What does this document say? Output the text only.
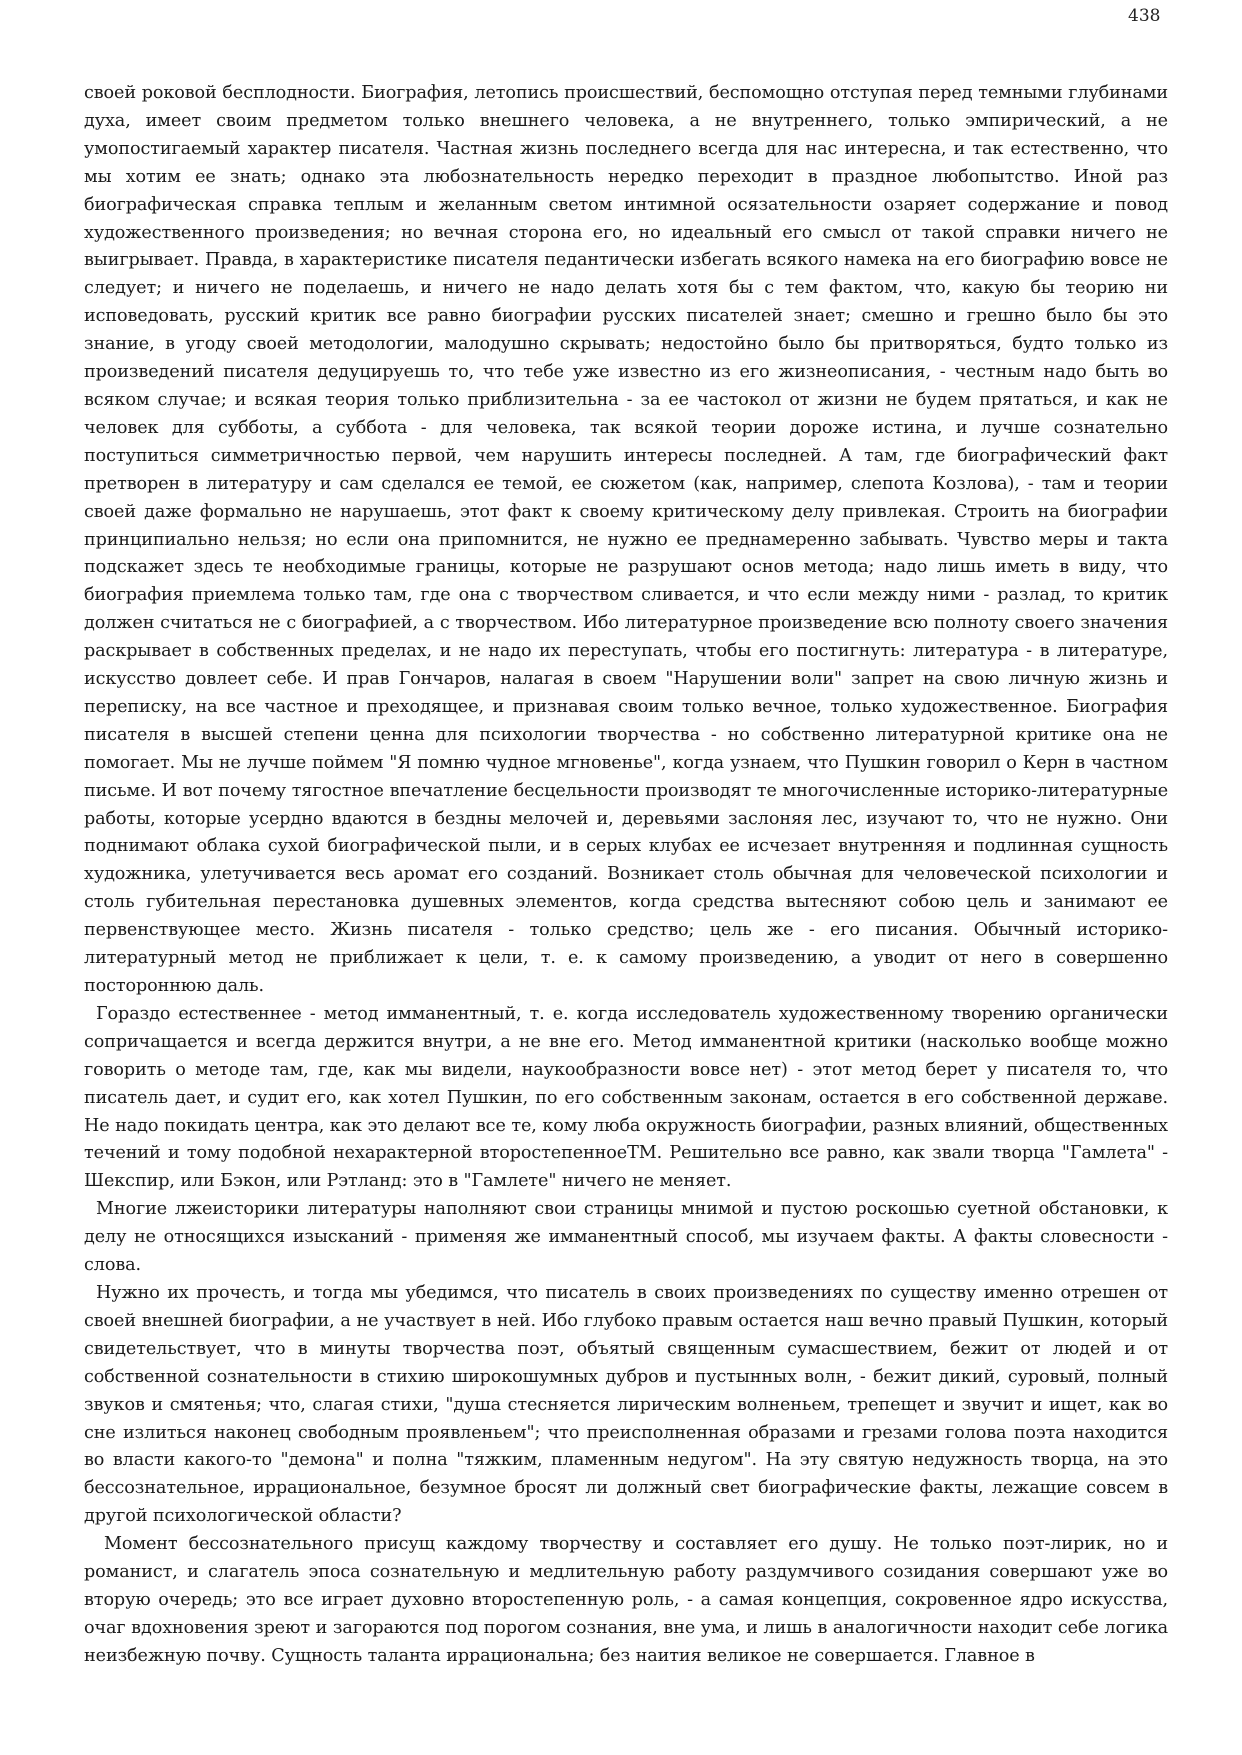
438

своей роковой бесплодности. Биография, летопись происшествий, беспомощно отступая перед темными глубинами духа, имеет своим предметом только внешнего человека, а не внутреннего, только эмпирический, а не умопостигаемый характер писателя. Частная жизнь последнего всегда для нас интересна, и так естественно, что мы хотим ее знать; однако эта любознательность нередко переходит в праздное любопытство. Иной раз биографическая справка теплым и желанным светом интимной осязательности озаряет содержание и повод художественного произведения; но вечная сторона его, но идеальный его смысл от такой справки ничего не выигрывает. Правда, в характеристике писателя педантически избегать всякого намека на его биографию вовсе не следует; и ничего не поделаешь, и ничего не надо делать хотя бы с тем фактом, что, какую бы теорию ни исповедовать, русский критик все равно биографии русских писателей знает; смешно и грешно было бы это знание, в угоду своей методологии, малодушно скрывать; недостойно было бы притворяться, будто только из произведений писателя дедуцируешь то, что тебе уже известно из его жизнеописания, - честным надо быть во всяком случае; и всякая теория только приблизительна - за ее частокол от жизни не будем прятаться, и как не человек для субботы, а суббота - для человека, так всякой теории дороже истина, и лучше сознательно поступиться симметричностью первой, чем нарушить интересы последней. А там, где биографический факт претворен в литературу и сам сделался ее темой, ее сюжетом (как, например, слепота Козлова), - там и теории своей даже формально не нарушаешь, этот факт к своему критическому делу привлекая. Строить на биографии принципиально нельзя; но если она припомнится, не нужно ее преднамеренно забывать. Чувство меры и такта подскажет здесь те необходимые границы, которые не разрушают основ метода; надо лишь иметь в виду, что биография приемлема только там, где она с творчеством сливается, и что если между ними - разлад, то критик должен считаться не с биографией, а с творчеством. Ибо литературное произведение всю полноту своего значения раскрывает в собственных пределах, и не надо их переступать, чтобы его постигнуть: литература - в литературе, искусство довлеет себе. И прав Гончаров, налагая в своем "Нарушении воли" запрет на свою личную жизнь и переписку, на все частное и преходящее, и признавая своим только вечное, только художественное. Биография писателя в высшей степени ценна для психологии творчества - но собственно литературной критике она не помогает. Мы не лучше поймем "Я помню чудное мгновенье", когда узнаем, что Пушкин говорил о Керн в частном письме. И вот почему тягостное впечатление бесцельности производят те многочисленные историко-литературные работы, которые усердно вдаются в бездны мелочей и, деревьями заслоняя лес, изучают то, что не нужно. Они поднимают облака сухой биографической пыли, и в серых клубах ее исчезает внутренняя и подлинная сущность художника, улетучивается весь аромат его созданий. Возникает столь обычная для человеческой психологии и столь губительная перестановка душевных элементов, когда средства вытесняют собою цель и занимают ее первенствующее место. Жизнь писателя - только средство; цель же - его писания. Обычный историко-литературный метод не приближает к цели, т. е. к самому произведению, а уводит от него в совершенно постороннюю даль.

Гораздо естественнее - метод имманентный, т. е. когда исследователь художественному творению органически сопричащается и всегда держится внутри, а не вне его. Метод имманентной критики (насколько вообще можно говорить о методе там, где, как мы видели, наукообразности вовсе нет) - этот метод берет у писателя то, что писатель дает, и судит его, как хотел Пушкин, по его собственным законам, остается в его собственной державе. Не надо покидать центра, как это делают все те, кому люба окружность биографии, разных влияний, общественных течений и тому подобной нехарактерной второстепенноеТМ. Решительно все равно, как звали творца "Гамлета" - Шекспир, или Бэкон, или Рэтланд: это в "Гамлете" ничего не меняет.

Многие лжеисторики литературы наполняют свои страницы мнимой и пустою роскошью суетной обстановки, к делу не относящихся изысканий - применяя же имманентный способ, мы изучаем факты. А факты словесности - слова.

Нужно их прочесть, и тогда мы убедимся, что писатель в своих произведениях по существу именно отрешен от своей внешней биографии, а не участвует в ней. Ибо глубоко правым остается наш вечно правый Пушкин, который свидетельствует, что в минуты творчества поэт, объятый священным сумасшествием, бежит от людей и от собственной сознательности в стихию широкошумных дубров и пустынных волн, - бежит дикий, суровый, полный звуков и смятенья; что, слагая стихи, "душа стесняется лирическим волненьем, трепещет и звучит и ищет, как во сне излиться наконец свободным проявленьем"; что преисполненная образами и грезами голова поэта находится во власти какого-то "демона" и полна "тяжким, пламенным недугом". На эту святую недужность творца, на это бессознательное, иррациональное, безумное бросят ли должный свет биографические факты, лежащие совсем в другой психологической области?

Момент бессознательного присущ каждому творчеству и составляет его душу. Не только поэт-лирик, но и романист, и слагатель эпоса сознательную и медлительную работу раздумчивого созидания совершают уже во вторую очередь; это все играет духовно второстепенную роль, - а самая концепция, сокровенное ядро искусства, очаг вдохновения зреют и загораются под порогом сознания, вне ума, и лишь в аналогичности находит себе логика неизбежную почву. Сущность таланта иррациональна; без наития великое не совершается. Главное в
